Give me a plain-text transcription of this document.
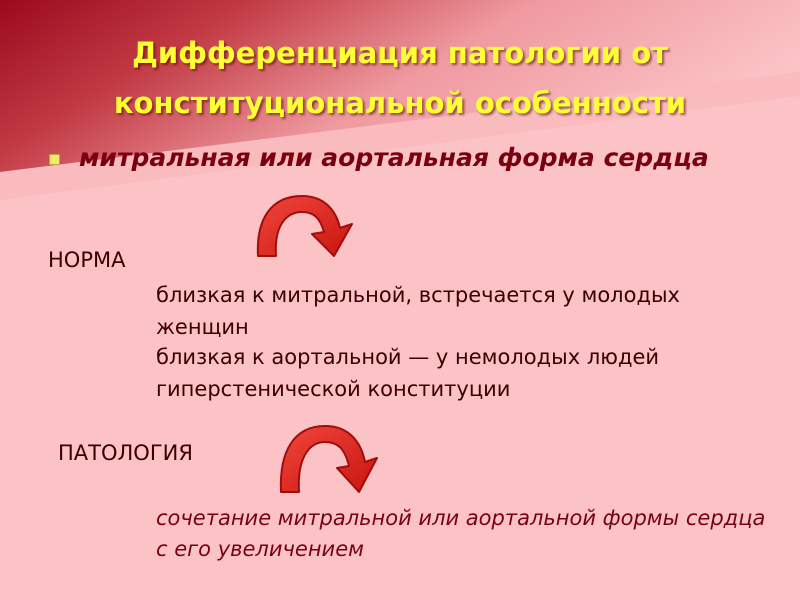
Дифференциация патологии от конституциональной особенности
митральная или аортальная форма сердца
НОРМА
близкая к митральной, встречается у молодых женщин
близкая к аортальной — у немолодых людей гиперстенической конституции
ПАТОЛОГИЯ
сочетание митральной или аортальной формы сердца с его увеличением
